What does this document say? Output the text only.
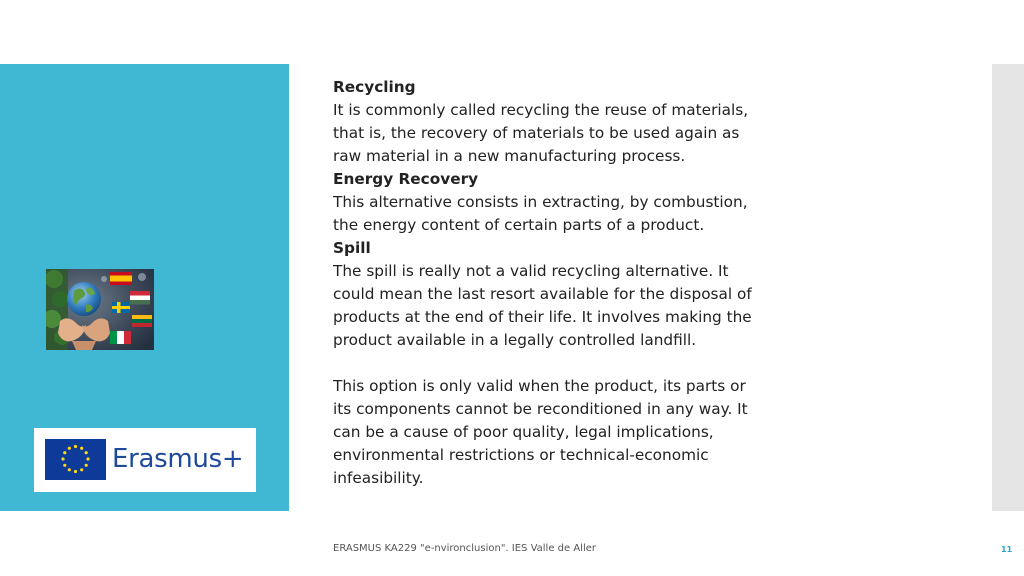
Erasmus+

Recycling

It is commonly called recycling the reuse of materials,

that is, the recovery of materials to be used again as

raw material in a new manufacturing process.

Energy Recovery

This alternative consists in extracting, by combustion,

the energy content of certain parts of a product.

Spill

The spill is really not a valid recycling alternative. It

could mean the last resort available for the disposal of

products at the end of their life. It involves making the

product available in a legally controlled landfill.

This option is only valid when the product, its parts or

its components cannot be reconditioned in any way. It

can be a cause of poor quality, legal implications,

environmental restrictions or technical-economic

infeasibility.

ERASMUS KA229 "e-nvironclusion". IES Valle de Aller	11
